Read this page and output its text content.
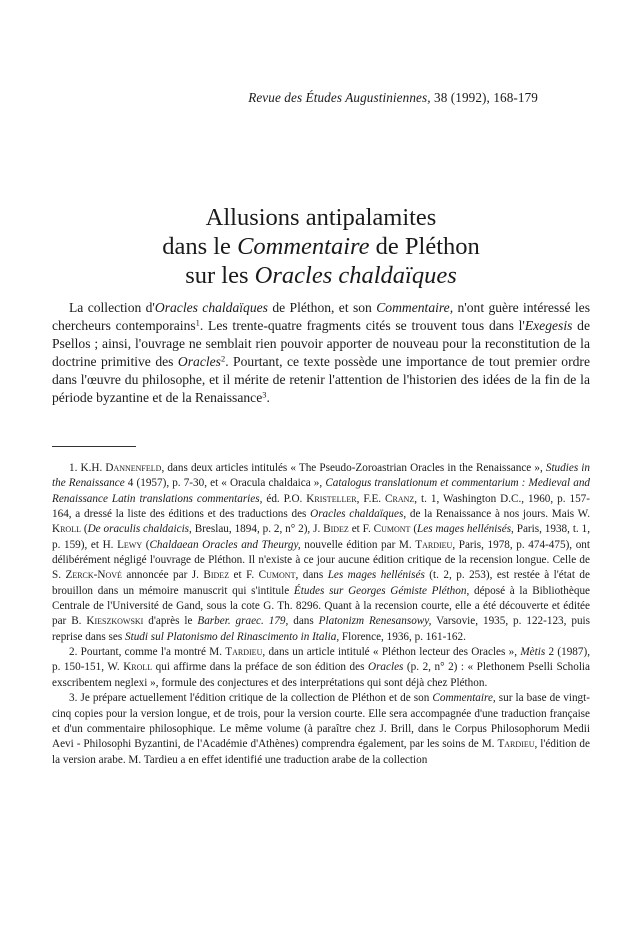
Revue des Études Augustiniennes, 38 (1992), 168-179
Allusions antipalamites
dans le Commentaire de Pléthon
sur les Oracles chaldaïques

La collection d'Oracles chaldaïques de Pléthon, et son Commentaire, n'ont guère intéressé les chercheurs contemporains$^1$. Les trente-quatre fragments cités se trouvent tous dans l'Exegesis de Psellos ; ainsi, l'ouvrage ne semblait rien pouvoir apporter de nouveau pour la reconstitution de la doctrine primitive des Oracles$^2$. Pourtant, ce texte possède une importance de tout premier ordre dans l'œuvre du philosophe, et il mérite de retenir l'attention de l'historien des idées de la fin de la période byzantine et de la Renaissance$^3$.

1. K.H. Dannenfeld, dans deux articles intitulés « The Pseudo-Zoroastrian Oracles in the Renaissance », Studies in the Renaissance 4 (1957), p. 7-30, et « Oracula chaldaica », Catalogus translationum et commentarium : Medieval and Renaissance Latin translations commentaries, éd. P.O. Kristeller, F.E. Cranz, t. 1, Washington D.C., 1960, p. 157-164, a dressé la liste des éditions et des traductions des Oracles chaldaïques, de la Renaissance à nos jours. Mais W. Kroll (De oraculis chaldaicis, Breslau, 1894, p. 2, n° 2), J. Bidez et F. Cumont (Les mages hellénisés, Paris, 1938, t. 1, p. 159), et H. Lewy (Chaldaean Oracles and Theurgy, nouvelle édition par M. Tardieu, Paris, 1978, p. 474-475), ont délibérément négligé l'ouvrage de Pléthon. Il n'existe à ce jour aucune édition critique de la recension longue. Celle de S. Zerck-Nové annoncée par J. Bidez et F. Cumont, dans Les mages hellénisés (t. 2, p. 253), est restée à l'état de brouillon dans un mémoire manuscrit qui s'intitule Études sur Georges Gémiste Pléthon, déposé à la Bibliothèque Centrale de l'Université de Gand, sous la cote G. Th. 8296. Quant à la recension courte, elle a été découverte et éditée par B. Kieszkowski d'après le Barber. graec. 179, dans Platonizm Renesansowy, Varsovie, 1935, p. 122-123, puis reprise dans ses Studi sul Platonismo del Rinascimento in Italia, Florence, 1936, p. 161-162.

2. Pourtant, comme l'a montré M. Tardieu, dans un article intitulé « Pléthon lecteur des Oracles », Mètis 2 (1987), p. 150-151, W. Kroll qui affirme dans la préface de son édition des Oracles (p. 2, n° 2) : « Plethonem Pselli Scholia exscribentem neglexi », formule des conjectures et des interprétations qui sont déjà chez Pléthon.

3. Je prépare actuellement l'édition critique de la collection de Pléthon et de son Commentaire, sur la base de vingt-cinq copies pour la version longue, et de trois, pour la version courte. Elle sera accompagnée d'une traduction française et d'un commentaire philosophique. Le même volume (à paraître chez J. Brill, dans le Corpus Philosophorum Medii Aevi - Philosophi Byzantini, de l'Académie d'Athènes) comprendra également, par les soins de M. Tardieu, l'édition de la version arabe. M. Tardieu a en effet identifié une traduction arabe de la collection
